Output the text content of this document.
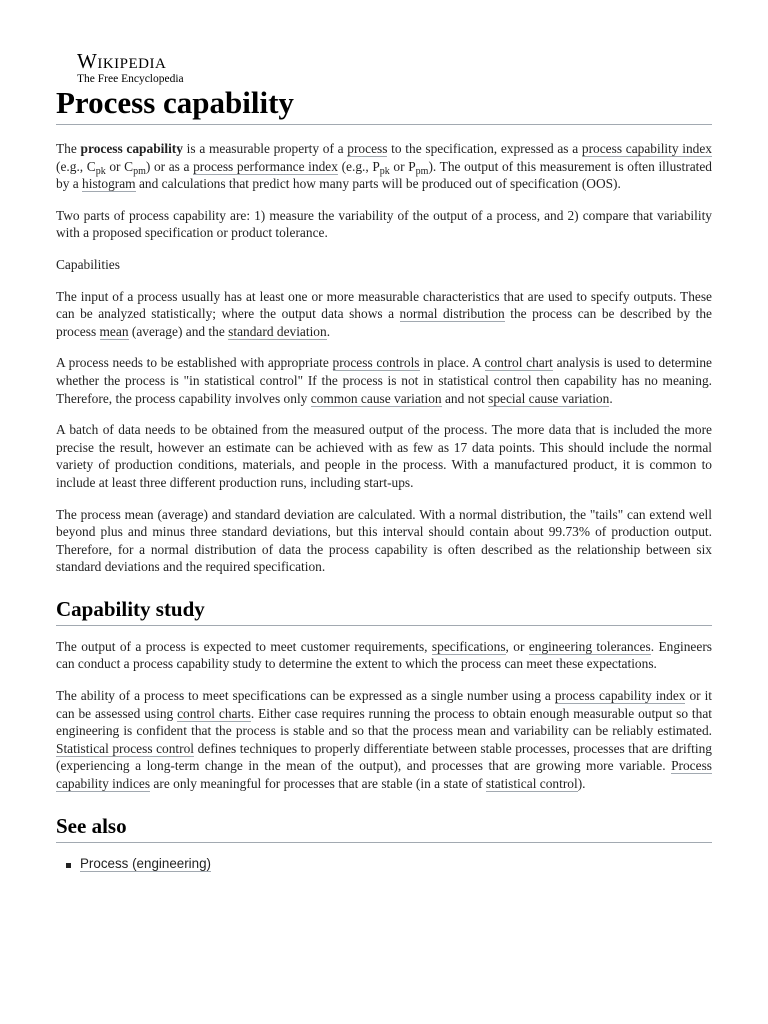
Wikipedia
The Free Encyclopedia
Process capability

The process capability is a measurable property of a process to the specification, expressed as a process capability index (e.g., $C_{pk}$ or $C_{pm}$) or as a process performance index (e.g., $P_{pk}$ or $P_{pm}$). The output of this measurement is often illustrated by a histogram and calculations that predict how many parts will be produced out of specification (OOS).

Two parts of process capability are: 1) measure the variability of the output of a process, and 2) compare that variability with a proposed specification or product tolerance.

Capabilities

The input of a process usually has at least one or more measurable characteristics that are used to specify outputs. These can be analyzed statistically; where the output data shows a normal distribution the process can be described by the process mean (average) and the standard deviation.

A process needs to be established with appropriate process controls in place. A control chart analysis is used to determine whether the process is "in statistical control" If the process is not in statistical control then capability has no meaning. Therefore, the process capability involves only common cause variation and not special cause variation.

A batch of data needs to be obtained from the measured output of the process. The more data that is included the more precise the result, however an estimate can be achieved with as few as 17 data points. This should include the normal variety of production conditions, materials, and people in the process. With a manufactured product, it is common to include at least three different production runs, including start-ups.

The process mean (average) and standard deviation are calculated. With a normal distribution, the "tails" can extend well beyond plus and minus three standard deviations, but this interval should contain about 99.73% of production output. Therefore, for a normal distribution of data the process capability is often described as the relationship between six standard deviations and the required specification.

Capability study

The output of a process is expected to meet customer requirements, specifications, or engineering tolerances. Engineers can conduct a process capability study to determine the extent to which the process can meet these expectations.

The ability of a process to meet specifications can be expressed as a single number using a process capability index or it can be assessed using control charts. Either case requires running the process to obtain enough measurable output so that engineering is confident that the process is stable and so that the process mean and variability can be reliably estimated. Statistical process control defines techniques to properly differentiate between stable processes, processes that are drifting (experiencing a long-term change in the mean of the output), and processes that are growing more variable. Process capability indices are only meaningful for processes that are stable (in a state of statistical control).

See also
Process (engineering)
